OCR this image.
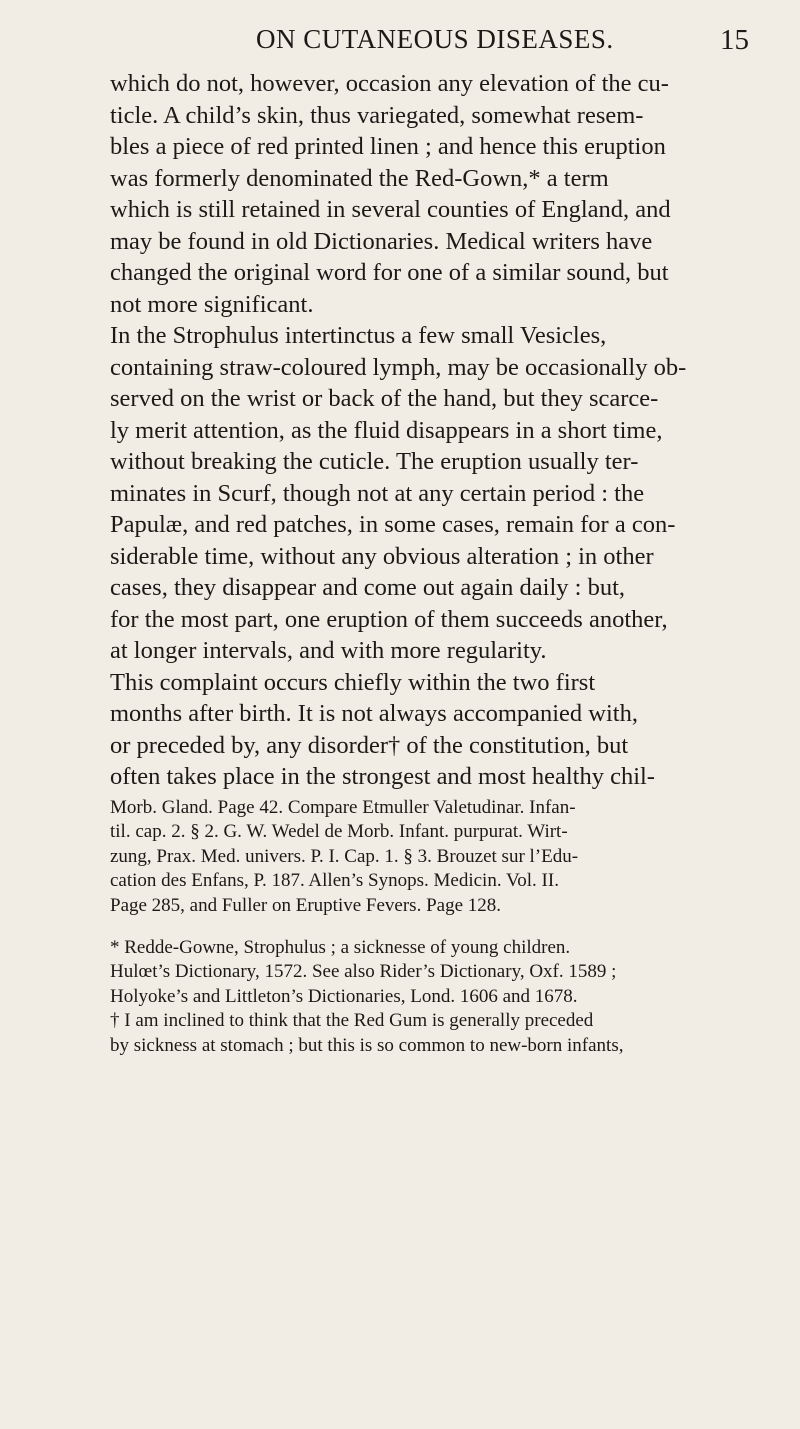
ON CUTANEOUS DISEASES.	15
which do not, however, occasion any elevation of the cu-
ticle. A child’s skin, thus variegated, somewhat resem-
bles a piece of red printed linen ; and hence this eruption
was formerly denominated the Red-Gown,* a term
which is still retained in several counties of England, and
may be found in old Dictionaries. Medical writers have
changed the original word for one of a similar sound, but
not more significant.
In the Strophulus intertinctus a few small Vesicles,
containing straw-coloured lymph, may be occasionally ob-
served on the wrist or back of the hand, but they scarce-
ly merit attention, as the fluid disappears in a short time,
without breaking the cuticle. The eruption usually ter-
minates in Scurf, though not at any certain period : the
Papulæ, and red patches, in some cases, remain for a con-
siderable time, without any obvious alteration ; in other
cases, they disappear and come out again daily : but,
for the most part, one eruption of them succeeds another,
at longer intervals, and with more regularity.
This complaint occurs chiefly within the two first
months after birth. It is not always accompanied with,
or preceded by, any disorder† of the constitution, but
often takes place in the strongest and most healthy chil-
Morb. Gland. Page 42. Compare Etmuller Valetudinar. Infan-
til. cap. 2. § 2. G. W. Wedel de Morb. Infant. purpurat. Wirt-
zung, Prax. Med. univers. P. I. Cap. 1. § 3. Brouzet sur l’Edu-
cation des Enfans, P. 187. Allen’s Synops. Medicin. Vol. II.
Page 285, and Fuller on Eruptive Fevers. Page 128.
* Redde-Gowne, Strophulus ; a sicknesse of young children.
Hulœt’s Dictionary, 1572. See also Rider’s Dictionary, Oxf. 1589 ;
Holyoke’s and Littleton’s Dictionaries, Lond. 1606 and 1678.
† I am inclined to think that the Red Gum is generally preceded
by sickness at stomach ; but this is so common to new-born infants,
